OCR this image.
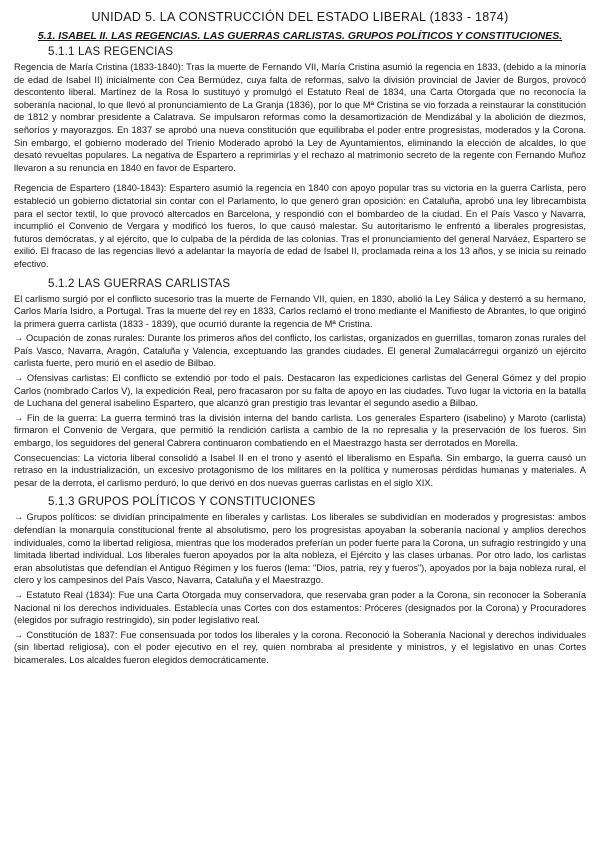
UNIDAD 5. LA CONSTRUCCIÓN DEL ESTADO LIBERAL (1833 - 1874)
5.1. ISABEL II. LAS REGENCIAS. LAS GUERRAS CARLISTAS. GRUPOS POLÍTICOS Y CONSTITUCIONES.
5.1.1 LAS REGENCIAS

Regencia de María Cristina (1833-1840): Tras la muerte de Fernando VII, María Cristina asumió la regencia en 1833, (debido a la minoría de edad de Isabel II) inicialmente con Cea Bermúdez, cuya falta de reformas, salvo la división provincial de Javier de Burgos, provocó descontento liberal. Martínez de la Rosa lo sustituyó y promulgó el Estatuto Real de 1834, una Carta Otorgada que no reconocía la soberanía nacional, lo que llevó al pronunciamiento de La Granja (1836), por lo que Mª Cristina se vio forzada a reinstaurar la constitución de 1812 y nombrar presidente a Calatrava. Se impulsaron reformas como la desamortización de Mendizábal y la abolición de diezmos, señoríos y mayorazgos. En 1837 se aprobó una nueva constitución que equilibraba el poder entre progresistas, moderados y la Corona. Sin embargo, el gobierno moderado del Trienio Moderado aprobó la Ley de Ayuntamientos, eliminando la elección de alcaldes, lo que desató revueltas populares. La negativa de Espartero a reprimirlas y el rechazo al matrimonio secreto de la regente con Fernando Muñoz llevaron a su renuncia en 1840 en favor de Espartero.

Regencia de Espartero (1840-1843): Espartero asumió la regencia en 1840 con apoyo popular tras su victoria en la guerra Carlista, pero estableció un gobierno dictatorial sin contar con el Parlamento, lo que generó gran oposición: en Cataluña, aprobó una ley librecambista para el sector textil, lo que provocó altercados en Barcelona, y respondió con el bombardeo de la ciudad. En el País Vasco y Navarra, incumplió el Convenio de Vergara y modificó los fueros, lo que causó malestar. Su autoritarismo le enfrentó a liberales progresistas, futuros demócratas, y al ejército, que lo culpaba de la pérdida de las colonias. Tras el pronunciamiento del general Narváez, Espartero se exilió. El fracaso de las regencias llevó a adelantar la mayoría de edad de Isabel II, proclamada reina a los 13 años, y se inicia su reinado efectivo.

5.1.2 LAS GUERRAS CARLISTAS

El carlismo surgió por el conflicto sucesorio tras la muerte de Fernando VII, quien, en 1830, abolió la Ley Sálica y desterró a su hermano, Carlos María Isidro, a Portugal. Tras la muerte del rey en 1833, Carlos reclamó el trono mediante el Manifiesto de Abrantes, lo que originó la primera guerra carlista (1833 - 1839), que ocurrió durante la regencia de Mª Cristina.

→ Ocupación de zonas rurales: Durante los primeros años del conflicto, los carlistas, organizados en guerrillas, tomaron zonas rurales del País Vasco, Navarra, Aragón, Cataluña y Valencia, exceptuando las grandes ciudades. El general Zumalacárregui organizó un ejército carlista fuerte, pero murió en el asedio de Bilbao.

→ Ofensivas carlistas: El conflicto se extendió por todo el país. Destacaron las expediciones carlistas del General Gómez y del propio Carlos (nombrado Carlos V), la expedición Real, pero fracasaron por su falta de apoyo en las ciudades. Tuvo lugar la victoria en la batalla de Luchana del general isabelino Espartero, que alcanzó gran prestigio tras levantar el segundo asedio a Bilbao.

→ Fin de la guerra: La guerra terminó tras la división interna del bando carlista. Los generales Espartero (isabelino) y Maroto (carlista) firmaron el Convenio de Vergara, que permitió la rendición carlista a cambio de la no represalia y la preservación de los fueros. Sin embargo, los seguidores del general Cabrera continuaron combatiendo en el Maestrazgo hasta ser derrotados en Morella.

Consecuencias: La victoria liberal consolidó a Isabel II en el trono y asentó el liberalismo en España. Sin embargo, la guerra causó un retraso en la industrialización, un excesivo protagonismo de los militares en la política y numerosas pérdidas humanas y materiales. A pesar de la derrota, el carlismo perduró, lo que derivó en dos nuevas guerras carlistas en el siglo XIX.

5.1.3 GRUPOS POLÍTICOS Y CONSTITUCIONES

→ Grupos políticos: se dividían principalmente en liberales y carlistas. Los liberales se subdividían en moderados y progresistas: ambos defendían la monarquía constitucional frente al absolutismo, pero los progresistas apoyaban la soberanía nacional y amplios derechos individuales, como la libertad religiosa, mientras que los moderados preferían un poder fuerte para la Corona, un sufragio restringido y una limitada libertad individual. Los liberales fueron apoyados por la alta nobleza, el Ejército y las clases urbanas. Por otro lado, los carlistas eran absolutistas que defendían el Antiguo Régimen y los fueros (lema: "Dios, patria, rey y fueros"), apoyados por la baja nobleza rural, el clero y los campesinos del País Vasco, Navarra, Cataluña y el Maestrazgo.

→ Estatuto Real (1834): Fue una Carta Otorgada muy conservadora, que reservaba gran poder a la Corona, sin reconocer la Soberanía Nacional ni los derechos individuales. Establecía unas Cortes con dos estamentos: Próceres (designados por la Corona) y Procuradores (elegidos por sufragio restringido), sin poder legislativo real.

→ Constitución de 1837: Fue consensuada por todos los liberales y la corona. Reconoció la Soberanía Nacional y derechos individuales (sin libertad religiosa), con el poder ejecutivo en el rey, quien nombraba al presidente y ministros, y el legislativo en unas Cortes bicamerales. Los alcaldes fueron elegidos democráticamente.
